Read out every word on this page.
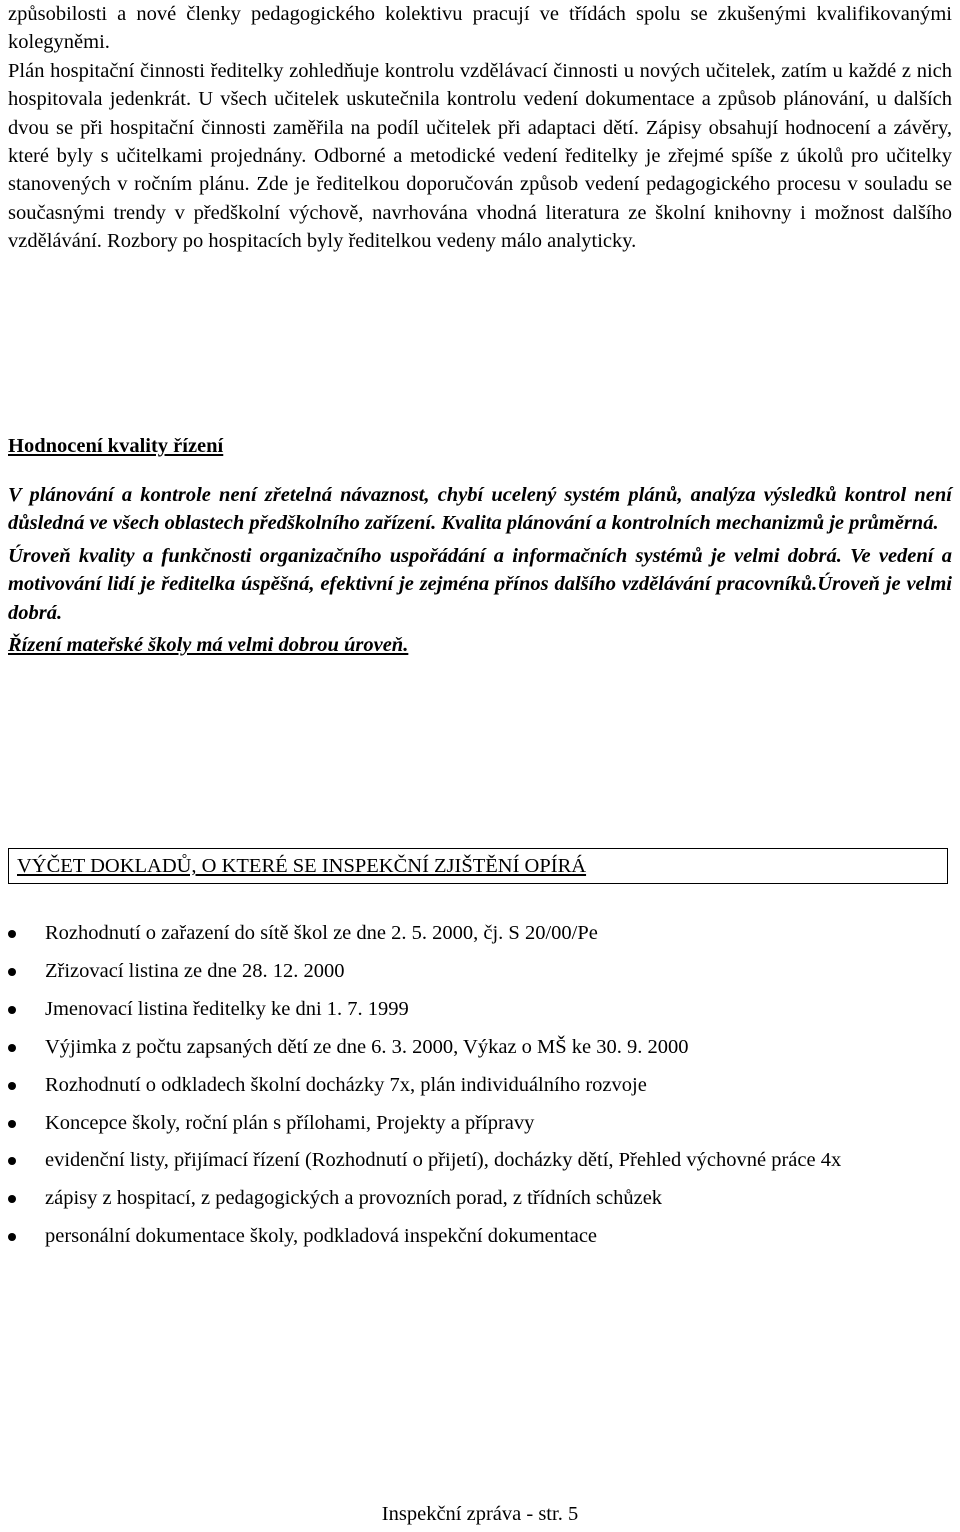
způsobilosti a nové členky pedagogického kolektivu pracují ve třídách spolu se zkušenými kvalifikovanými kolegyněmi.

Plán hospitační činnosti ředitelky zohledňuje kontrolu vzdělávací činnosti u nových učitelek, zatím u každé z nich hospitovala jedenkrát. U všech učitelek uskutečnila kontrolu vedení dokumentace a způsob plánování, u dalších dvou se při hospitační činnosti zaměřila na podíl učitelek při adaptaci dětí. Zápisy obsahují hodnocení a závěry, které byly s učitelkami projednány. Odborné a metodické vedení ředitelky je zřejmé spíše z úkolů pro učitelky stanovených v ročním plánu. Zde je ředitelkou doporučován způsob vedení pedagogického procesu v souladu se současnými trendy v předškolní výchově, navrhována vhodná literatura ze školní knihovny i možnost dalšího vzdělávání. Rozbory po hospitacích byly ředitelkou vedeny málo analyticky.

Hodnocení kvality řízení

V plánování a kontrole není zřetelná návaznost, chybí ucelený systém plánů, analýza výsledků kontrol není důsledná ve všech oblastech předškolního zařízení. Kvalita plánování a kontrolních mechanizmů je průměrná.

Úroveň kvality a funkčnosti organizačního uspořádání a informačních systémů je velmi dobrá. Ve vedení a motivování lidí je ředitelka úspěšná, efektivní je zejména přínos dalšího vzdělávání pracovníků.Úroveň je velmi dobrá.

Řízení mateřské školy má velmi dobrou úroveň.

VÝČET DOKLADŮ, O KTERÉ SE INSPEKČNÍ ZJIŠTĚNÍ OPÍRÁ
Rozhodnutí o zařazení do sítě škol ze dne 2. 5. 2000, čj. S 20/00/Pe
Zřizovací listina ze dne 28. 12. 2000
Jmenovací listina ředitelky ke dni 1. 7. 1999
Výjimka z počtu zapsaných dětí ze dne 6. 3. 2000, Výkaz o MŠ ke 30. 9. 2000
Rozhodnutí o odkladech školní docházky 7x, plán individuálního rozvoje
Koncepce školy, roční plán s přílohami, Projekty a přípravy
evidenční listy, přijímací řízení (Rozhodnutí o přijetí), docházky dětí, Přehled výchovné práce 4x
zápisy z hospitací, z pedagogických a provozních porad, z třídních schůzek
personální dokumentace školy, podkladová inspekční dokumentace
Inspekční zpráva - str. 5
